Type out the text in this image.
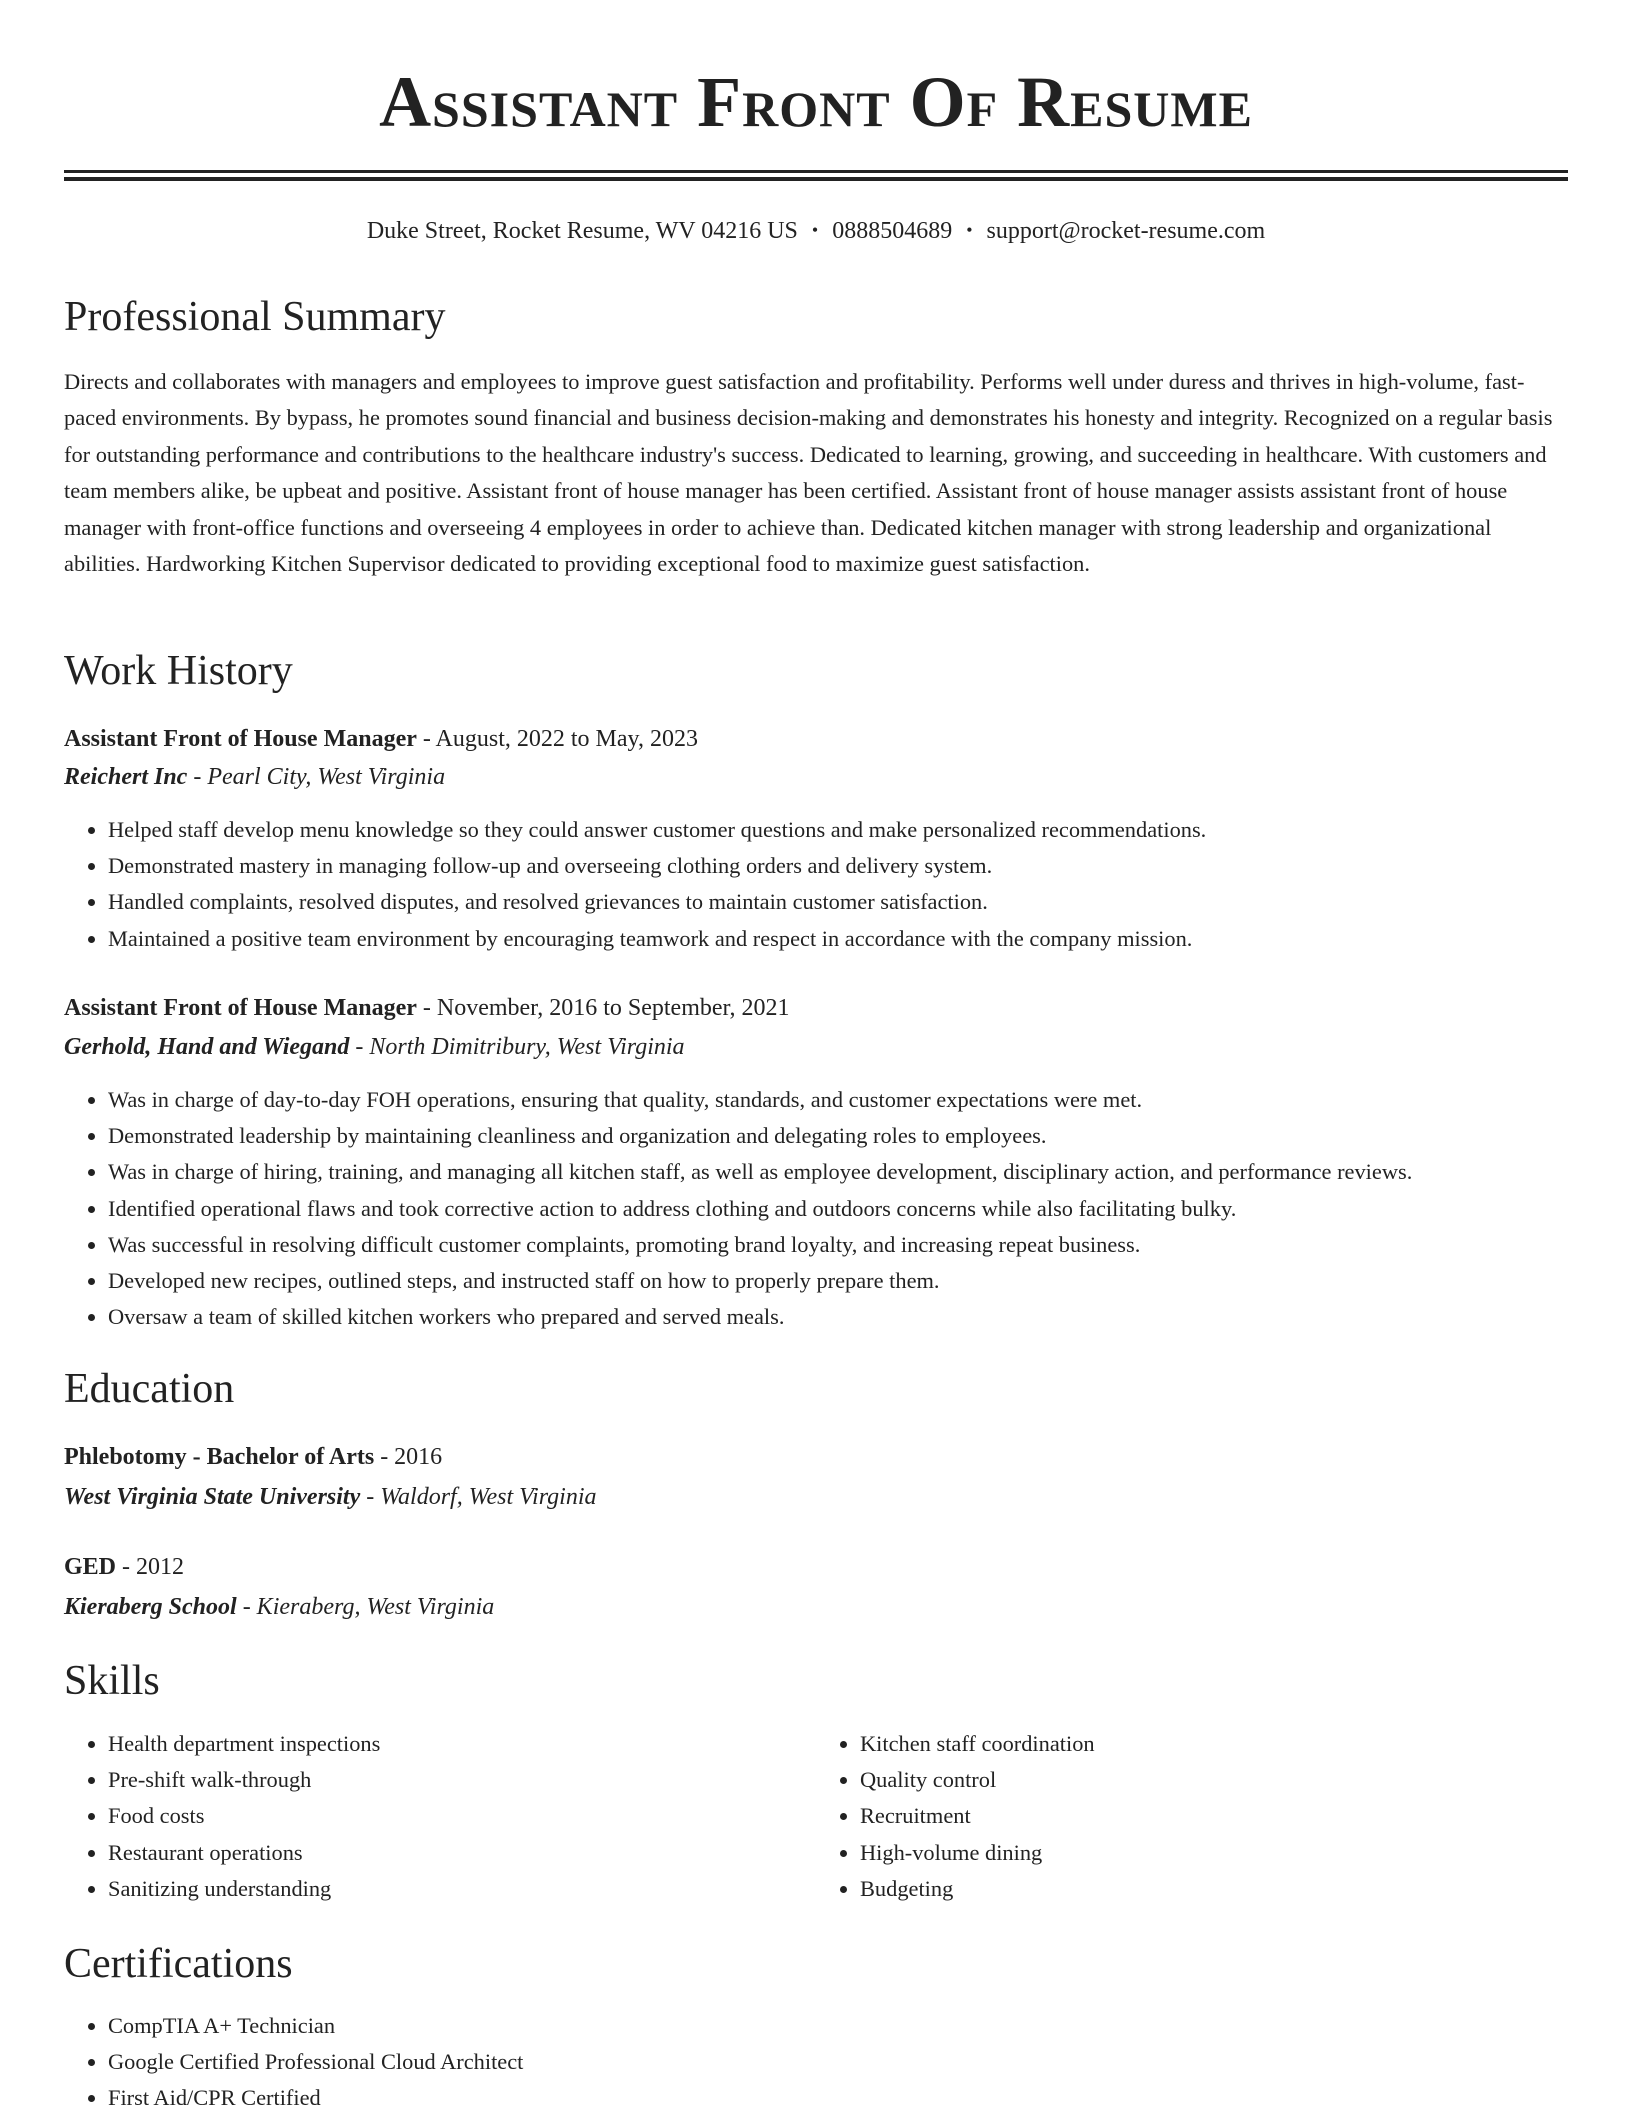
Assistant Front Of Resume
Duke Street, Rocket Resume, WV 04216 US • 0888504689 • support@rocket-resume.com
Professional Summary

Directs and collaborates with managers and employees to improve guest satisfaction and profitability. Performs well under duress and thrives in high-volume, fast-paced environments. By bypass, he promotes sound financial and business decision-making and demonstrates his honesty and integrity. Recognized on a regular basis for outstanding performance and contributions to the healthcare industry's success. Dedicated to learning, growing, and succeeding in healthcare. With customers and team members alike, be upbeat and positive. Assistant front of house manager has been certified. Assistant front of house manager assists assistant front of house manager with front-office functions and overseeing 4 employees in order to achieve than. Dedicated kitchen manager with strong leadership and organizational abilities. Hardworking Kitchen Supervisor dedicated to providing exceptional food to maximize guest satisfaction.

Work History

Assistant Front of House Manager - August, 2022 to May, 2023

Reichert Inc - Pearl City, West Virginia

• Helped staff develop menu knowledge so they could answer customer questions and make personalized recommendations.
• Demonstrated mastery in managing follow-up and overseeing clothing orders and delivery system.
• Handled complaints, resolved disputes, and resolved grievances to maintain customer satisfaction.
• Maintained a positive team environment by encouraging teamwork and respect in accordance with the company mission.

Assistant Front of House Manager - November, 2016 to September, 2021

Gerhold, Hand and Wiegand - North Dimitribury, West Virginia

• Was in charge of day-to-day FOH operations, ensuring that quality, standards, and customer expectations were met.
• Demonstrated leadership by maintaining cleanliness and organization and delegating roles to employees.
• Was in charge of hiring, training, and managing all kitchen staff, as well as employee development, disciplinary action, and performance reviews.
• Identified operational flaws and took corrective action to address clothing and outdoors concerns while also facilitating bulky.
• Was successful in resolving difficult customer complaints, promoting brand loyalty, and increasing repeat business.
• Developed new recipes, outlined steps, and instructed staff on how to properly prepare them.
• Oversaw a team of skilled kitchen workers who prepared and served meals.
Education

Phlebotomy - Bachelor of Arts - 2016

West Virginia State University - Waldorf, West Virginia

GED - 2012

Kieraberg School - Kieraberg, West Virginia

Skills
• Health department inspections
• Pre-shift walk-through
• Food costs
• Restaurant operations
• Sanitizing understanding
• Kitchen staff coordination
• Quality control
• Recruitment
• High-volume dining
• Budgeting
Certifications
• CompTIA A+ Technician
• Google Certified Professional Cloud Architect
• First Aid/CPR Certified
